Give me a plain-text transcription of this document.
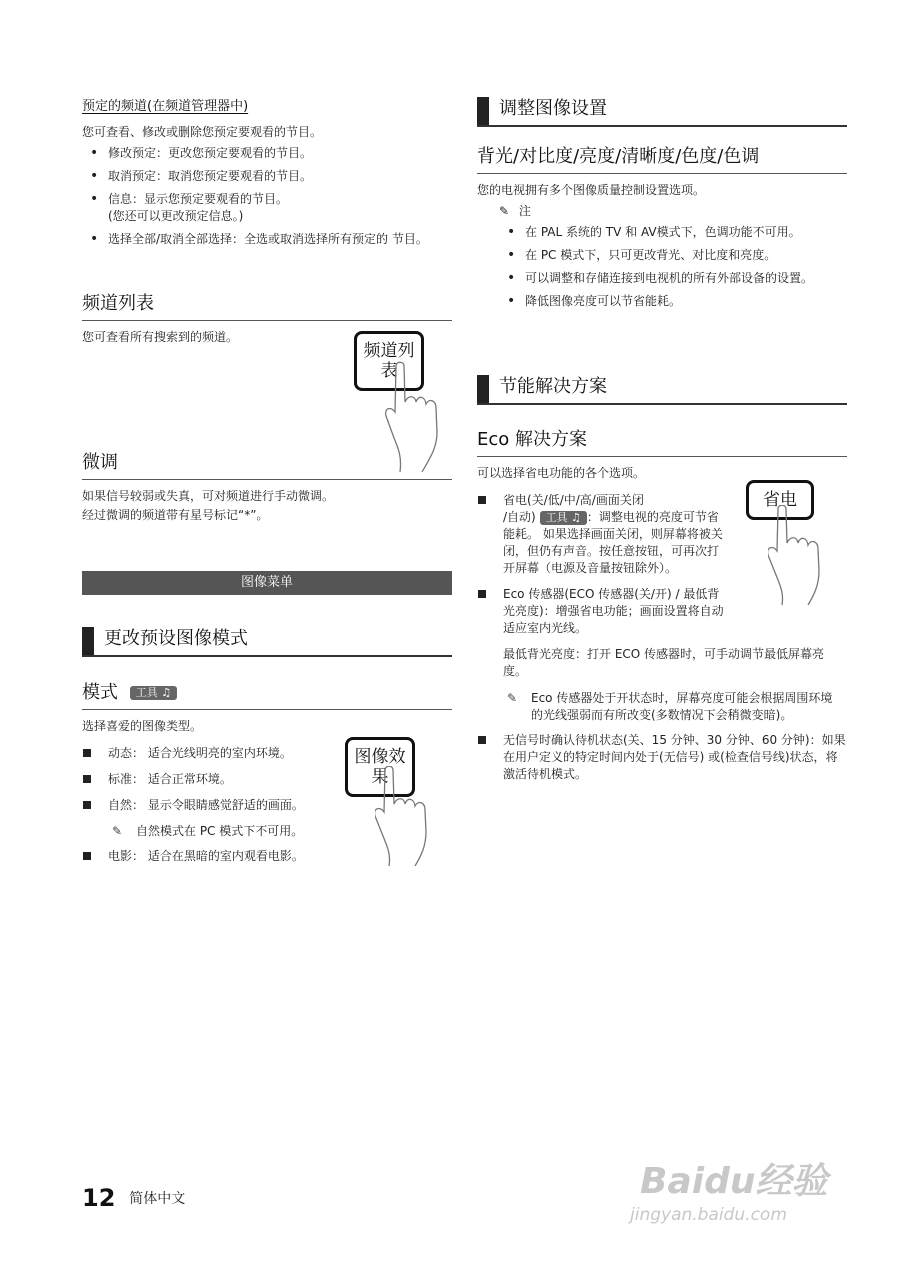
预定的频道(在频道管理器中)
您可查看、修改或删除您预定要观看的节目。
• 修改预定：更改您预定要观看的节目。
• 取消预定：取消您预定要观看的节目。
• 信息：显示您预定要观看的节目。
(您还可以更改预定信息。)
• 选择全部/取消全部选择：全选或取消选择所有预定的 节目。
频道列表
您可查看所有搜索到的频道。
频道列表
微调
如果信号较弱或失真，可对频道进行手动微调。
经过微调的频道带有星号标记“*”。
图像菜单
更改预设图像模式
模式 工具 ♫
选择喜爱的图像类型。
动态： 适合光线明亮的室内环境。
标准： 适合正常环境。
自然： 显示令眼睛感觉舒适的画面。
✎ 自然模式在 PC 模式下不可用。
电影： 适合在黑暗的室内观看电影。
图像效果
调整图像设置
背光/对比度/亮度/清晰度/色度/色调
您的电视拥有多个图像质量控制设置选项。
✎ 注
• 在 PAL 系统的 TV 和 AV模式下，色调功能不可用。
• 在 PC 模式下，只可更改背光、对比度和亮度。
• 可以调整和存储连接到电视机的所有外部设备的设置。
• 降低图像亮度可以节省能耗。
节能解决方案
Eco 解决方案
可以选择省电功能的各个选项。
省电(关/低/中/高/画面关闭
/自动) 工具 ♫ ：调整电视的亮度可节省能耗。 如果选择画面关闭，则屏幕将被关闭，但仍有声音。按任意按钮，可再次打开屏幕（电源及音量按钮除外）。
Eco 传感器(ECO 传感器(关/开) / 最低背光亮度)：增强省电功能；画面设置将自动适应室内光线。
最低背光亮度：打开 ECO 传感器时，可手动调节最低屏幕亮度。
✎ Eco 传感器处于开状态时，屏幕亮度可能会根据周围环境的光线强弱而有所改变(多数情况下会稍微变暗)。
无信号时确认待机状态(关、15 分钟、30 分钟、60 分钟)：如果在用户定义的特定时间内处于(无信号) 或(检查信号线)状态，将激活待机模式。
省电
12 简体中文	Baidu经验
jingyan.baidu.com
